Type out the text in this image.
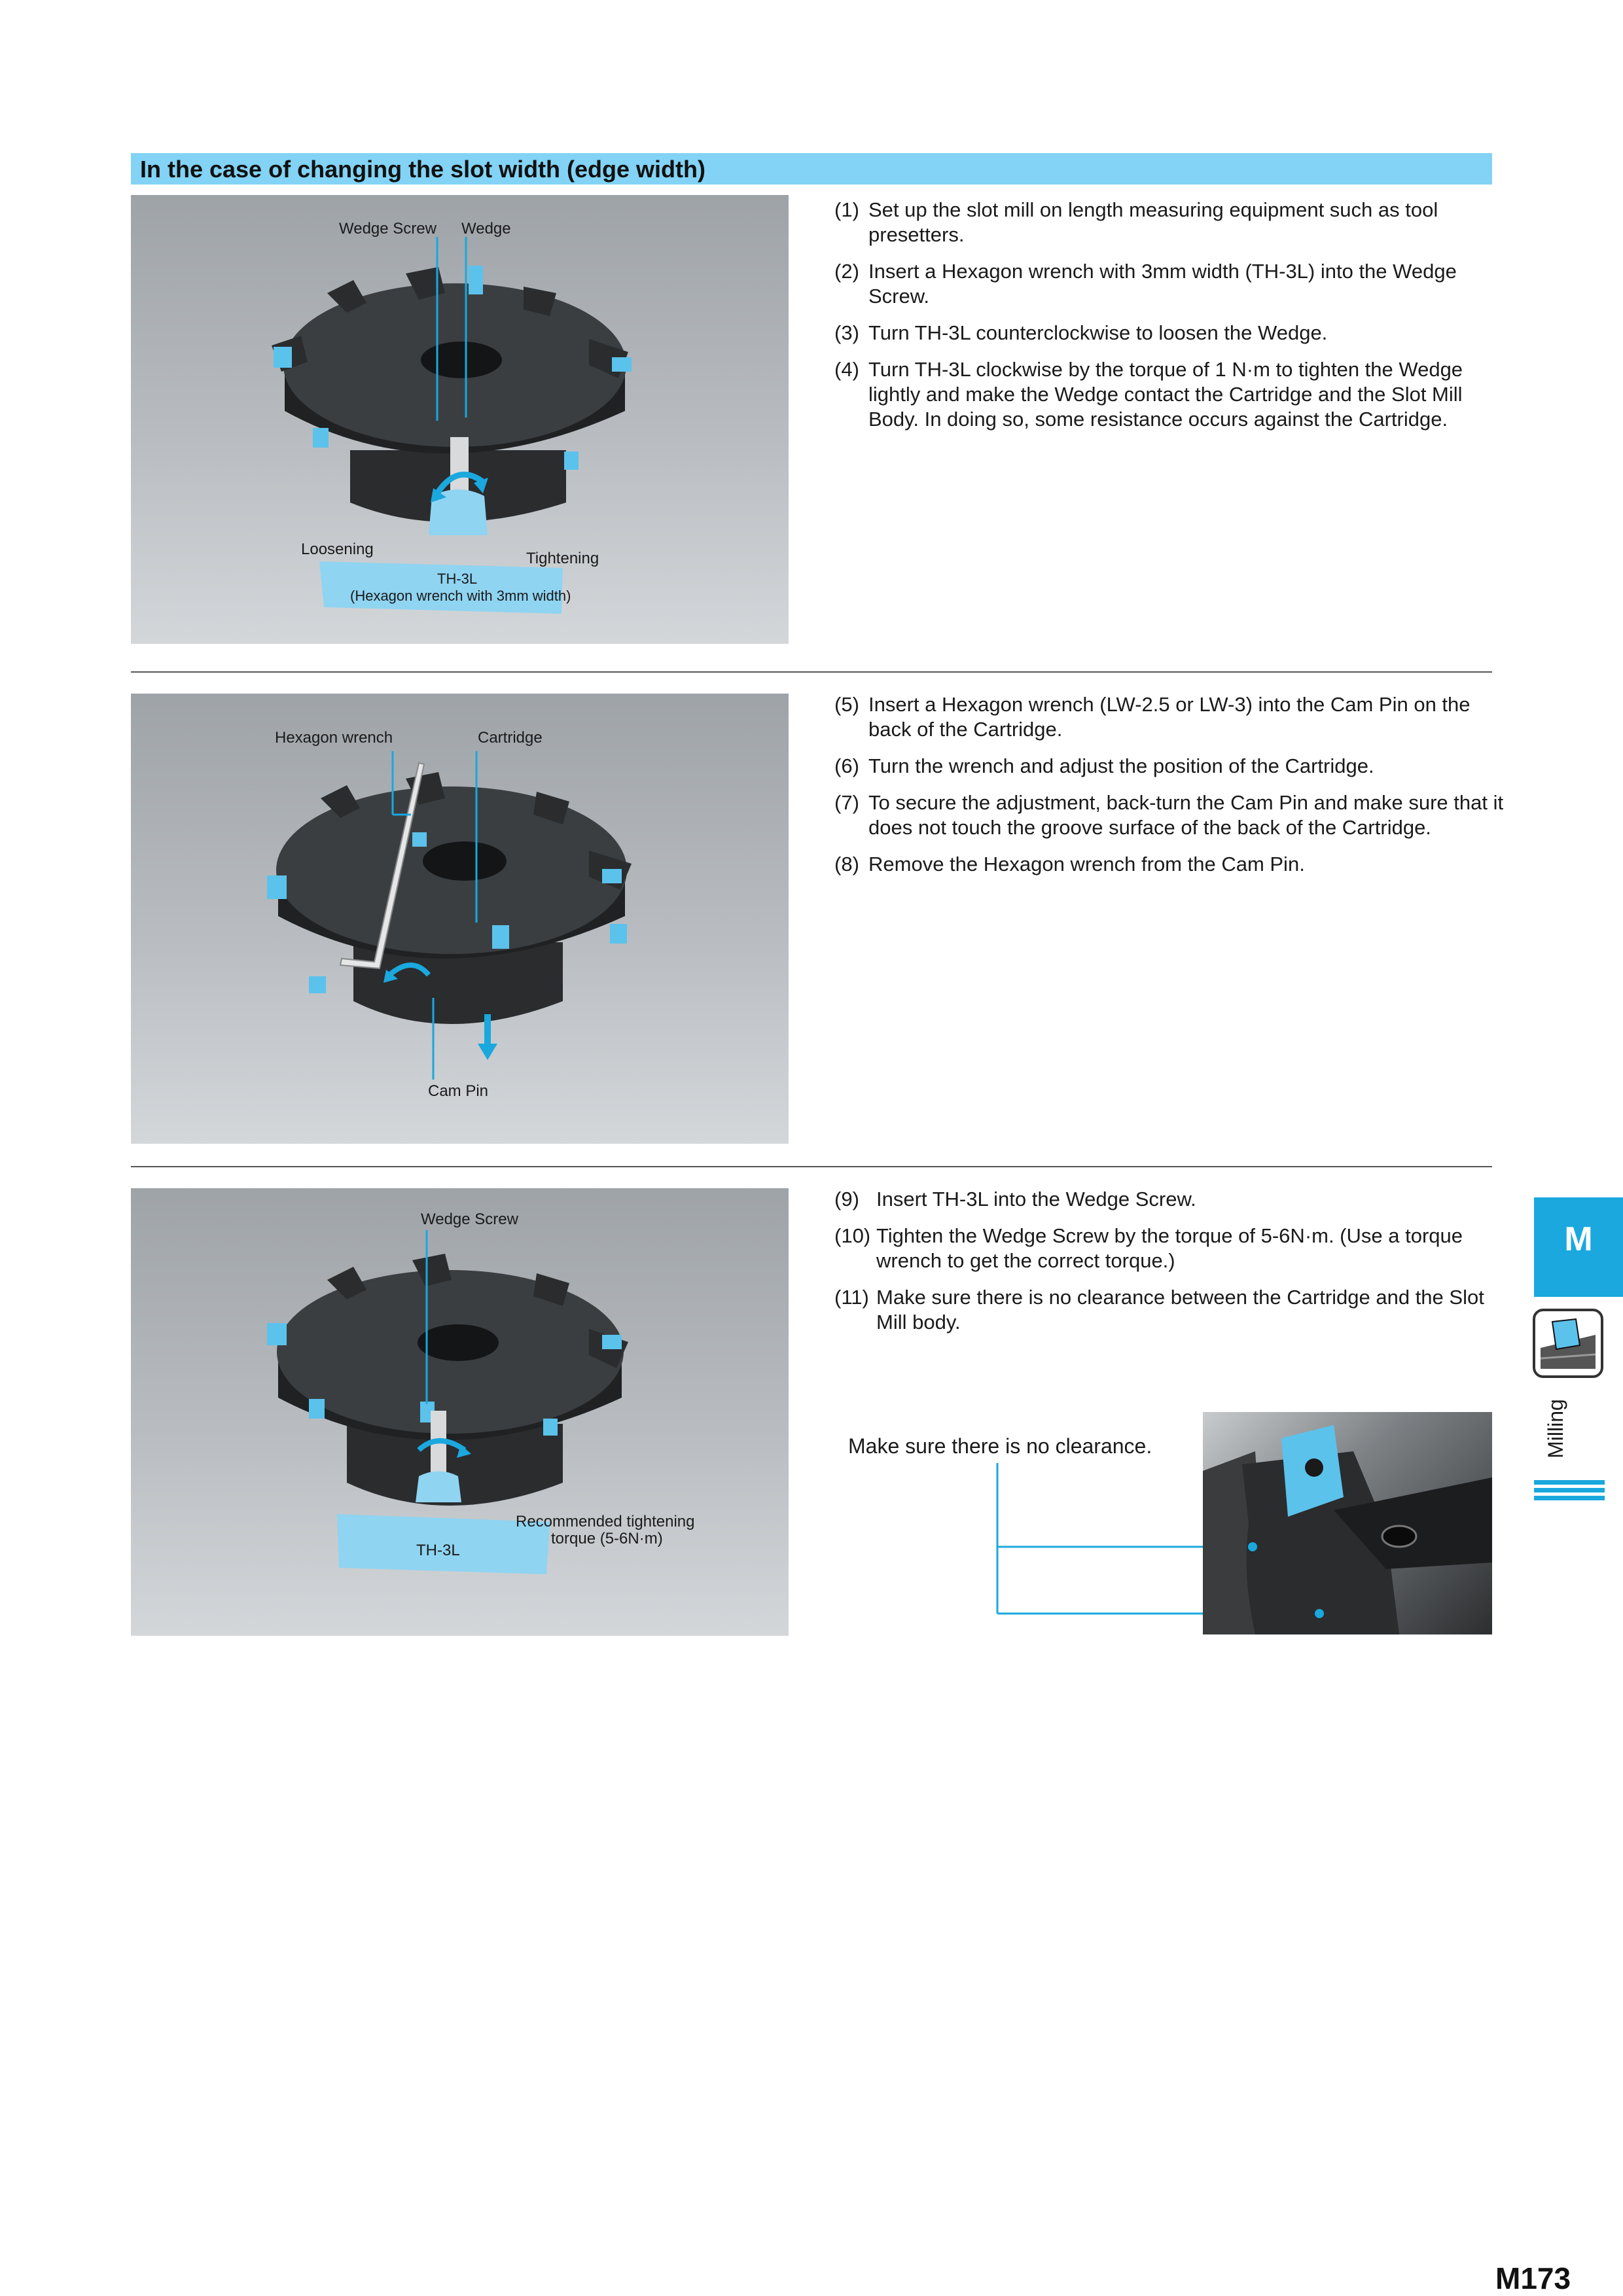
In the case of changing the slot width (edge width)
Wedge Screw Wedge
Loosening
Tightening
TH-3L
(Hexagon wrench with 3mm width)
(1) Set up the slot mill on length measuring equipment such as tool presetters.
(2) Insert a Hexagon wrench with 3mm width (TH-3L) into the Wedge Screw.
(3) Turn TH-3L counterclockwise to loosen the Wedge.
(4) Turn TH-3L clockwise by the torque of 1 N·m to tighten the Wedge lightly and make the Wedge contact the Cartridge and the Slot Mill Body. In doing so, some resistance occurs against the Cartridge.
Hexagon wrench	Cartridge
Cam Pin
(5) Insert a Hexagon wrench (LW-2.5 or LW-3) into the Cam Pin on the back of the Cartridge.
(6) Turn the wrench and adjust the position of the Cartridge.
(7) To secure the adjustment, back-turn the Cam Pin and make sure that it does not touch the groove surface of the back of the Cartridge.
(8) Remove the Hexagon wrench from the Cam Pin.
Wedge Screw
Recommended tightening
torque (5-6N·m)
TH-3L
(9) Insert TH-3L into the Wedge Screw.
(10) Tighten the Wedge Screw by the torque of 5-6N·m. (Use a torque wrench to get the correct torque.)
(11) Make sure there is no clearance between the Cartridge and the Slot Mill body.
Make sure there is no clearance.
M
Milling
M173
